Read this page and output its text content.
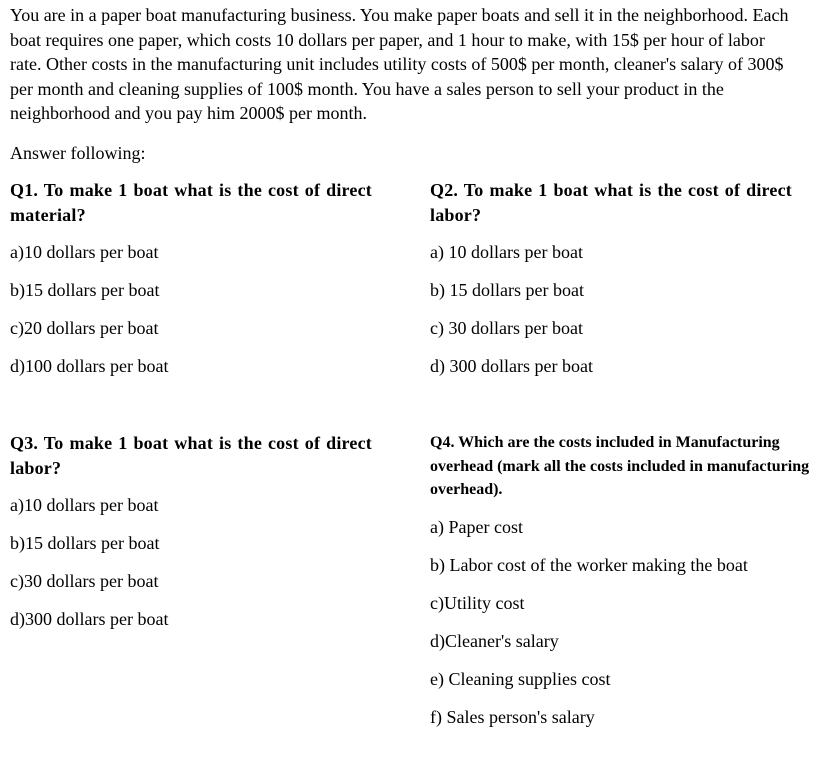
You are in a paper boat manufacturing business. You make paper boats and sell it in the neighborhood. Each boat requires one paper, which costs 10 dollars per paper, and 1 hour to make, with 15$ per hour of labor rate. Other costs in the manufacturing unit includes utility costs of 500$ per month, cleaner's salary of 300$ per month and cleaning supplies of 100$ month. You have a sales person to sell your product in the neighborhood and you pay him 2000$ per month.

Answer following:

Q1. To make 1 boat what is the cost of direct material?

a)10 dollars per boat
b)15 dollars per boat
c)20 dollars per boat
d)100 dollars per boat

Q2. To make 1 boat what is the cost of direct labor?

a) 10 dollars per boat
b) 15 dollars per boat
c) 30 dollars per boat
d) 300 dollars per boat

Q3. To make 1 boat what is the cost of direct labor?

a)10 dollars per boat
b)15 dollars per boat
c)30 dollars per boat
d)300 dollars per boat

Q4. Which are the costs included in Manufacturing overhead (mark all the costs included in manufacturing overhead).

a) Paper cost
b) Labor cost of the worker making the boat
c)Utility cost
d)Cleaner's salary
e) Cleaning supplies cost
f) Sales person's salary
